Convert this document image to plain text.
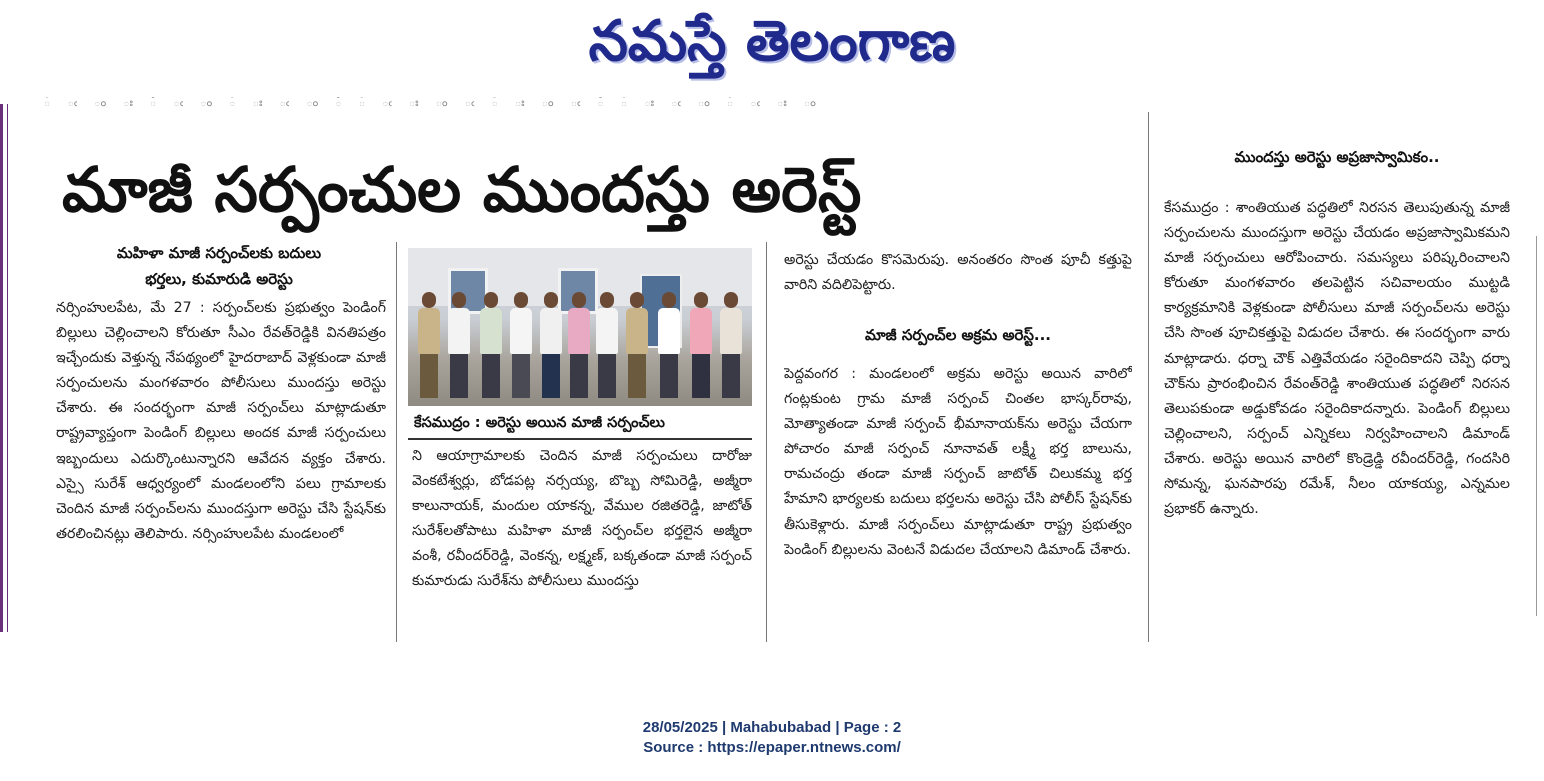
నమస్తే తెలంగాణ
ఀ ఁ ం ః ఄ ఁ ం ఀ ః ఁ ం ఄ ఀ ఁ ః ం ఁ ఀ ః ం ఁ ఄ ఀ ః ఁ ం ఀ ఁ ః ం
మాజీ సర్పంచుల ముందస్తు అరెస్ట్
మహిళా మాజీ సర్పంచ్‌లకు బదులు
భర్తలు, కుమారుడి అరెస్టు

నర్సింహులపేట, మే 27 : సర్పంచ్‌లకు ప్రభుత్వం పెండింగ్ బిల్లులు చెల్లించాలని కోరుతూ సీఎం రేవత్‌రెడ్డికి వినతిపత్రం ఇచ్చేందుకు వెళ్తున్న నేపథ్యంలో హైదరాబాద్ వెళ్లకుండా మాజీ సర్పంచులను మంగళవారం పోలీసులు ముందస్తు అరెస్టు చేశారు. ఈ సందర్భంగా మాజీ సర్పంచ్‌లు మాట్లాడుతూ రాష్ట్రవ్యాప్తంగా పెండింగ్ బిల్లులు అందక మాజీ సర్పంచులు ఇబ్బందులు ఎదుర్కొంటున్నారని ఆవేదన వ్యక్తం చేశారు. ఎస్సై సురేశ్ ఆధ్వర్యంలో మండలంలోని పలు గ్రామాలకు చెందిన మాజీ సర్పంచ్‌లను ముందస్తుగా అరెస్టు చేసి స్టేషన్‌కు తరలించినట్లు తెలిపారు. నర్సింహులపేట మండలంలో

కేసముద్రం : అరెస్టు అయిన మాజీ సర్పంచ్‌లు

ని ఆయాగ్రామాలకు చెందిన మాజీ సర్పంచులు దారోజు వెంకటేశ్వర్లు, బోడపట్ల నర్సయ్య, బొబ్బ సోమిరెడ్డి, అజ్మీరా కాలునాయక్, మందుల యాకన్న, వేముల రజితరెడ్డి, జాటోత్ సురేశ్‌లతోపాటు మహిళా మాజీ సర్పంచ్‌ల భర్తలైన అజ్మీరా వంశీ, రవీందర్‌రెడ్డి, వెంకన్న, లక్ష్మణ్, బక్కతండా మాజీ సర్పంచ్ కుమారుడు సురేశ్‌ను పోలీసులు ముందస్తు

అరెస్టు చేయడం కొసమెరుపు. అనంతరం సొంత పూచీ కత్తుపై వారిని వదిలిపెట్టారు.

మాజీ సర్పంచ్‌ల అక్రమ అరెస్ట్...

పెద్దవంగర : మండలంలో అక్రమ అరెస్టు అయిన వారిలో గంట్లకుంట గ్రామ మాజీ సర్పంచ్ చింతల భాస్కర్‌రావు, మోత్యాతండా మాజీ సర్పంచ్ భీమానాయక్‌ను అరెస్టు చేయగా పోచారం మాజీ సర్పంచ్ నూనావత్ లక్ష్మీ భర్త బాలును, రామచంద్రు తండా మాజీ సర్పంచ్ జాటోత్ చిలుకమ్మ భర్త హేమాని భార్యలకు బదులు భర్తలను అరెస్టు చేసి పోలీస్ స్టేషన్‌కు తీసుకెళ్లారు. మాజీ సర్పంచ్‌లు మాట్లాడుతూ రాష్ట్ర ప్రభుత్వం పెండింగ్ బిల్లులను వెంటనే విడుదల చేయాలని డిమాండ్ చేశారు.

ముందస్తు అరెస్టు అప్రజాస్వామికం..

కేసముద్రం : శాంతియుత పద్ధతిలో నిరసన తెలుపుతున్న మాజీ సర్పంచులను ముందస్తుగా అరెస్టు చేయడం అప్రజాస్వామికమని మాజీ సర్పంచులు ఆరోపించారు. సమస్యలు పరిష్కరించాలని కోరుతూ మంగళవారం తలపెట్టిన సచివాలయం ముట్టడి కార్యక్రమానికి వెళ్లకుండా పోలీసులు మాజీ సర్పంచ్‌లను అరెస్టు చేసి సొంత పూచికత్తుపై విడుదల చేశారు. ఈ సందర్భంగా వారు మాట్లాడారు. ధర్నా చౌక్ ఎత్తివేయడం సరైందికాదని చెప్పి ధర్నా చౌక్‌ను ప్రారంభించిన రేవంత్‌రెడ్డి శాంతియుత పద్ధతిలో నిరసన తెలుపకుండా అడ్డుకోవడం సరైందికాదన్నారు. పెండింగ్ బిల్లులు చెల్లించాలని, సర్పంచ్ ఎన్నికలు నిర్వహించాలని డిమాండ్ చేశారు. అరెస్టు అయిన వారిలో కొండ్రెడ్డి రవీందర్‌రెడ్డి, గందసిరి సోమన్న, ఘనపారపు రమేశ్, నీలం యాకయ్య, ఎన్నమల ప్రభాకర్ ఉన్నారు.

28/05/2025 | Mahabubabad | Page : 2
Source : https://epaper.ntnews.com/
